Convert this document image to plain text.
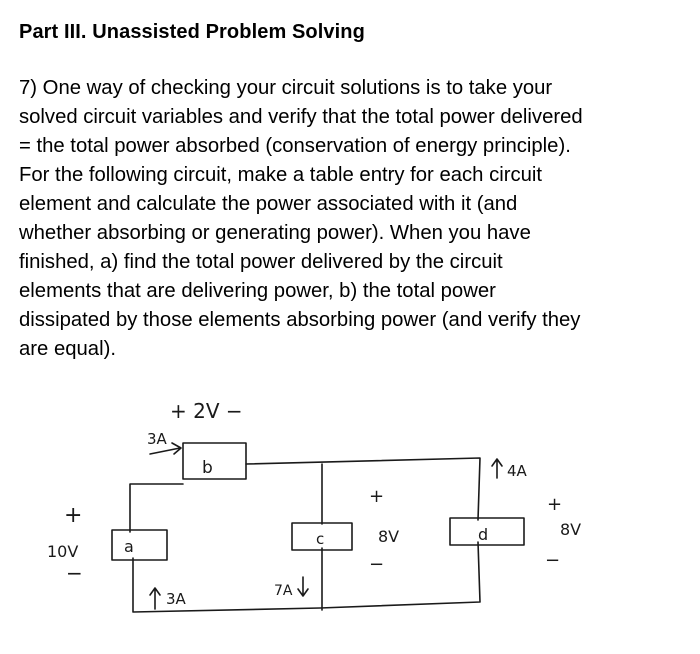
Part III. Unassisted Problem Solving
7) One way of checking your circuit solutions is to take your
solved circuit variables and verify that the total power delivered
= the total power absorbed (conservation of energy principle).
For the following circuit, make a table entry for each circuit
element and calculate the power associated with it (and
whether absorbing or generating power). When you have
finished, a) find the total power delivered by the circuit
elements that are delivering power, b) the total power
dissipated by those elements absorbing power (and verify they
are equal).
b
a	c	d
+ 2V −
3A
+
10V
−
3A
+
8V
−
7A
4A
+
8V
−
